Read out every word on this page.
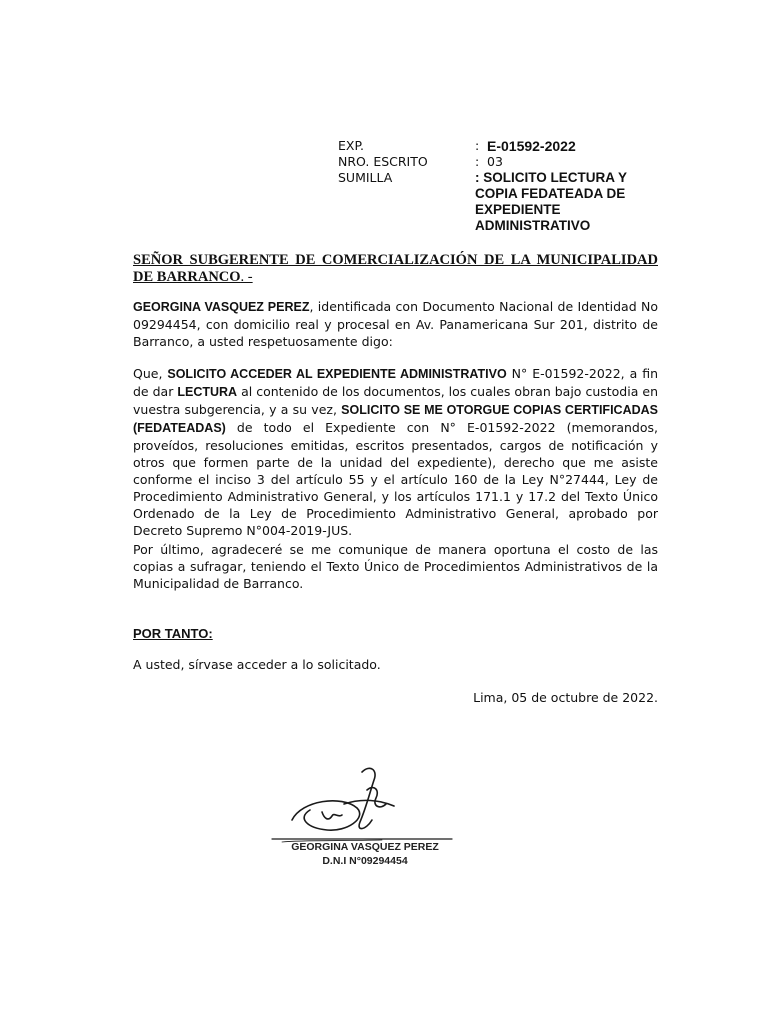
EXP.	: E-01592-2022
NRO. ESCRITO	: 03
SUMILLA	: SOLICITO LECTURA Y COPIA FEDATEADA DE EXPEDIENTE ADMINISTRATIVO
SEÑOR SUBGERENTE DE COMERCIALIZACIÓN DE LA MUNICIPALIDAD DE BARRANCO. -

GEORGINA VASQUEZ PEREZ, identificada con Documento Nacional de Identidad No 09294454, con domicilio real y procesal en Av. Panamericana Sur 201, distrito de Barranco, a usted respetuosamente digo:

Que, SOLICITO ACCEDER AL EXPEDIENTE ADMINISTRATIVO N° E-01592-2022, a fin de dar LECTURA al contenido de los documentos, los cuales obran bajo custodia en vuestra subgerencia, y a su vez, SOLICITO SE ME OTORGUE COPIAS CERTIFICADAS (FEDATEADAS) de todo el Expediente con N° E-01592-2022 (memorandos, proveídos, resoluciones emitidas, escritos presentados, cargos de notificación y otros que formen parte de la unidad del expediente), derecho que me asiste conforme el inciso 3 del artículo 55 y el artículo 160 de la Ley N°27444, Ley de Procedimiento Administrativo General, y los artículos 171.1 y 17.2 del Texto Único Ordenado de la Ley de Procedimiento Administrativo General, aprobado por Decreto Supremo N°004-2019-JUS.

Por último, agradeceré se me comunique de manera oportuna el costo de las copias a sufragar, teniendo el Texto Único de Procedimientos Administrativos de la Municipalidad de Barranco.

POR TANTO:

A usted, sírvase acceder a lo solicitado.

Lima, 05 de octubre de 2022.
GEORGINA VASQUEZ PEREZ
D.N.I N°09294454
